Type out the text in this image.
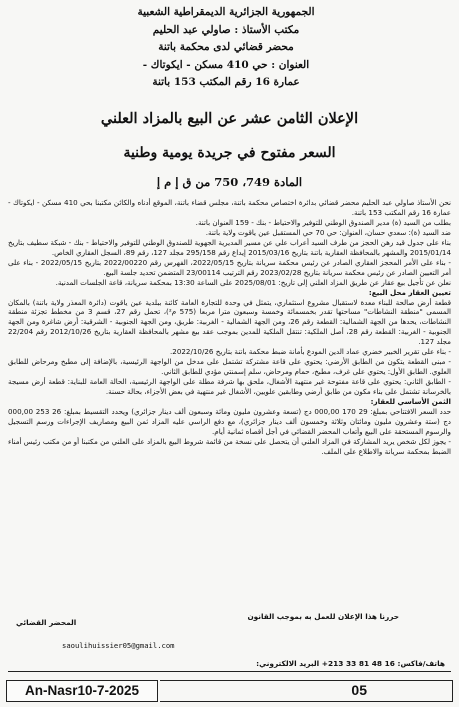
الجمهورية الجزائرية الديمقراطية الشعبية
مكتب الأستاذ : صاولي عبد الحليم
محضر قضائي لدى محكمة باتنة
العنوان : حي 410 مسكن - ايكوتاك -
عمارة 16 رقم المكتب 153 باتنة
الإعلان الثامن عشر عن البيع بالمزاد العلني
السعر مفتوح في جريدة يومية وطنية
المادة 749، 750 من ق إ م إ

نحن الأستاذ صاولي عبد الحليم محضر قضائي بدائرة اختصاص محكمة باتنة، مجلس قضاء باتنة، الموقع أدناه والكائن مكتبنا بحي 410 مسكن - ايكوتاك - عمارة 16 رقم المكتب 153 باتنة.

بطلب من السيد (ة) مدير الصندوق الوطني للتوفير والاحتياط - بنك - 159 العنوان باتنة.

ضد السيد (ة): سعدي حسان، العنوان: حي 70 حي المستقبل عين ياقوت ولاية باتنة.

بناء على جدول قيد رهن الحجز من طرف السيد أعراب علي عن مسير المديرية الجهوية للصندوق الوطني للتوفير والاحتياط - بنك - شبكة سطيف بتاريخ 2015/01/14 والمشهر بالمحافظة العقارية باتنة بتاريخ 2015/03/16 إيداع رقم 295/158 مجلد 127، رقم 89، السجل العقاري الخاص.

- بناء على الأمر المحجز العقاري الصادر عن رئيس محكمة سريانة بتاريخ 2022/05/15، الفهرس رقم 2022/00220 بتاريخ 2022/05/15 - بناء على أمر التعيين الصادر عن رئيس محكمة سريانة بتاريخ 2023/02/28 رقم الترتيب 23/00114 المتضمن تحديد جلسة البيع.

نعلن عن تأجيل بيع عقار عن طريق المزاد العلني إلى تاريخ: 2025/08/01 على الساعة 13:30 بمحكمة سريانة، قاعة الجلسات المدنية.

تعيين العقار محل البيع:

قطعة أرض صالحة للبناء معدة لاستقبال مشروع استثماري، يتمثل في وحدة للتجارة العامة كائنة ببلدية عين ياقوت (دائرة المعذر ولاية باتنة) بالمكان المسمى "منطقة النشاطات" مساحتها تقدر بخمسمائة وخمسة وسبعون مترا مربعا (575 م²)، تحمل رقم 27، قسم 3 من مخطط تجزئة منطقة النشاطات، يحدها من الجهة الشمالية: القطعة رقم 26، ومن الجهة الشمالية - الغربية: طريق، ومن الجهة الجنوبية - الشرقية: أرض شاغرة ومن الجهة الجنوبية - الغربية: القطعة رقم 28، أصل الملكية: تنتقل الملكية للمدين بموجب عقد بيع مشهر بالمحافظة العقارية بتاريخ 2012/10/26 رقم 22/204 مجلد 127.

- بناء على تقرير الخبير خضري عماد الدين المودع بأمانة ضبط محكمة باتنة بتاريخ 2022/10/26.

- مبنى القطعة يتكون من الطابق الأرضي: يحتوي على قاعة مشتركة تشتمل على مدخل من الواجهة الرئيسية، بالإضافة إلى مطبخ ومرحاض للطابق العلوي. الطابق الأول: يحتوي على غرف، مطبخ، حمام ومرحاض، سلم إسمنتي مؤدي للطابق الثاني.

- الطابق الثاني: يحتوي على قاعة مفتوحة غير منتهية الأشغال، ملحق بها شرفة مطلة على الواجهة الرئيسية، الحالة العامة للبناية: قطعة أرض مسيجة بالخرسانة تشتمل على بناء مكون من طابق أرضي وطابقين علويين، الأشغال غير منتهية في بعض الأجزاء، بحالة حسنة.

الثمن الأساسي للعقار:

حدد السعر الافتتاحي بمبلغ: 29 170 000,00 دج (تسعة وعشرون مليون ومائة وسبعون ألف دينار جزائري) ويحدد التقسيط بمبلغ: 26 253 000,00 دج (ستة وعشرون مليون ومائتان وثلاثة وخمسون ألف دينار جزائري)، مع دفع الراسي عليه المزاد ثمن البيع ومصاريف الإجراءات ورسم التسجيل والرسوم المستحقة على البيع وأتعاب المحضر القضائي في أجل أقصاه ثمانية أيام.

- يجوز لكل شخص يريد المشاركة في المزاد العلني أن يتحصل على نسخة من قائمة شروط البيع بالمزاد على العلني من مكتبنا أو من مكتب رئيس أمناء الضبط بمحكمة سريانة والاطلاع على الملف.

حررنا هذا الإعلان للعمل به بموجب القانون
المحضر القضائي
saoulihuissier05@gmail.com
هاتف/فاكس: 16 48 81 33 213+ البريد الالكتروني:
An-Nasr10-7-2025	05
